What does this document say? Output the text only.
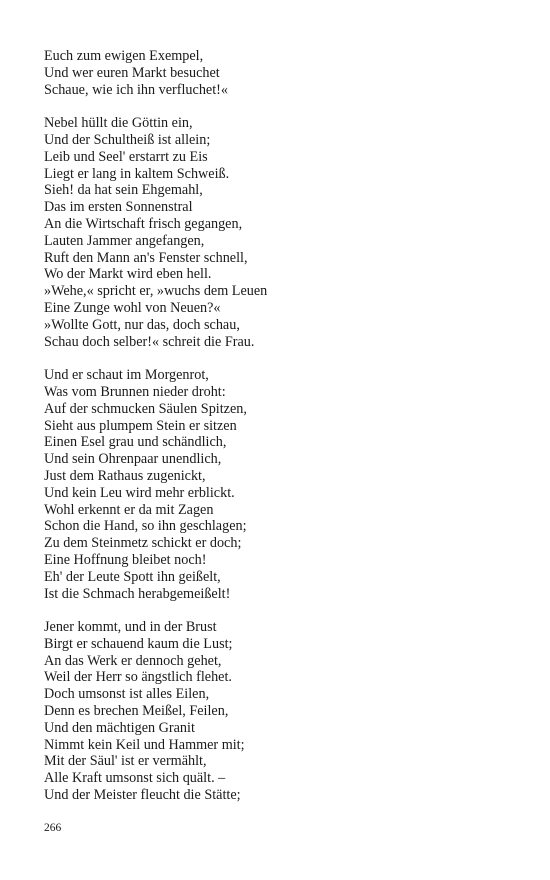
Euch zum ewigen Exempel,
Und wer euren Markt besuchet
Schaue, wie ich ihn verfluchet!«
Nebel hüllt die Göttin ein,
Und der Schultheiß ist allein;
Leib und Seel' erstarrt zu Eis
Liegt er lang in kaltem Schweiß.
Sieh! da hat sein Ehgemahl,
Das im ersten Sonnenstral
An die Wirtschaft frisch gegangen,
Lauten Jammer angefangen,
Ruft den Mann an's Fenster schnell,
Wo der Markt wird eben hell.
»Wehe,« spricht er, »wuchs dem Leuen
Eine Zunge wohl von Neuen?«
»Wollte Gott, nur das, doch schau,
Schau doch selber!« schreit die Frau.
Und er schaut im Morgenrot,
Was vom Brunnen nieder droht:
Auf der schmucken Säulen Spitzen,
Sieht aus plumpem Stein er sitzen
Einen Esel grau und schändlich,
Und sein Ohrenpaar unendlich,
Just dem Rathaus zugenickt,
Und kein Leu wird mehr erblickt.
Wohl erkennt er da mit Zagen
Schon die Hand, so ihn geschlagen;
Zu dem Steinmetz schickt er doch;
Eine Hoffnung bleibet noch!
Eh' der Leute Spott ihn geißelt,
Ist die Schmach herabgemeißelt!
Jener kommt, und in der Brust
Birgt er schauend kaum die Lust;
An das Werk er dennoch gehet,
Weil der Herr so ängstlich flehet.
Doch umsonst ist alles Eilen,
Denn es brechen Meißel, Feilen,
Und den mächtigen Granit
Nimmt kein Keil und Hammer mit;
Mit der Säul' ist er vermählt,
Alle Kraft umsonst sich quält. –
Und der Meister fleucht die Stätte;
266
